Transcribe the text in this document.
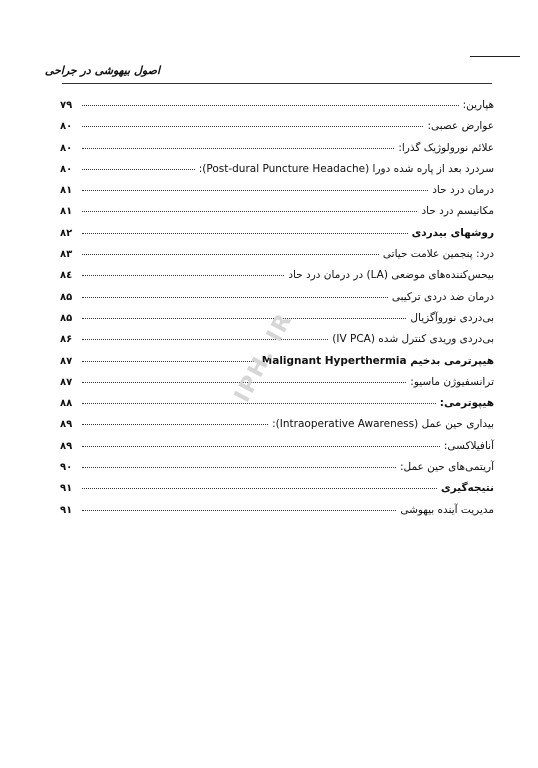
اصول بیهوشی در جراحی
هپارین:
۷۹
عوارض عصبی:
۸۰
علائم نورولوژیک گذرا:
۸۰
سردرد بعد از پاره شده دورا (Post-dural Puncture Headache):
۸۰
درمان درد حاد
۸۱
مکانیسم درد حاد
۸۱
روشهای بیدردی
۸۲
درد: پنجمین علامت حیاتی
۸۳
بیحس‌کننده‌های موضعی (LA) در درمان درد حاد
۸٤
درمان ضد دردی ترکیبی
۸۵
بی‌دردی نوروآگزیال
۸۵
بی‌دردی وریدی کنترل شده (IV PCA)
۸۶
هیپرترمی بدخیم Malignant Hyperthermia
۸۷
ترانسفیوژن ماسیو:
۸۷
هیپوترمی:
۸۸
بیداری حین عمل (Intraoperative Awareness):
۸۹
آنافیلاکسی:
۸۹
آریتمی‌های حین عمل:
۹۰
نتیجه‌گیری
۹۱
مدیریت آینده بیهوشی
۹۱
IPH. IR
